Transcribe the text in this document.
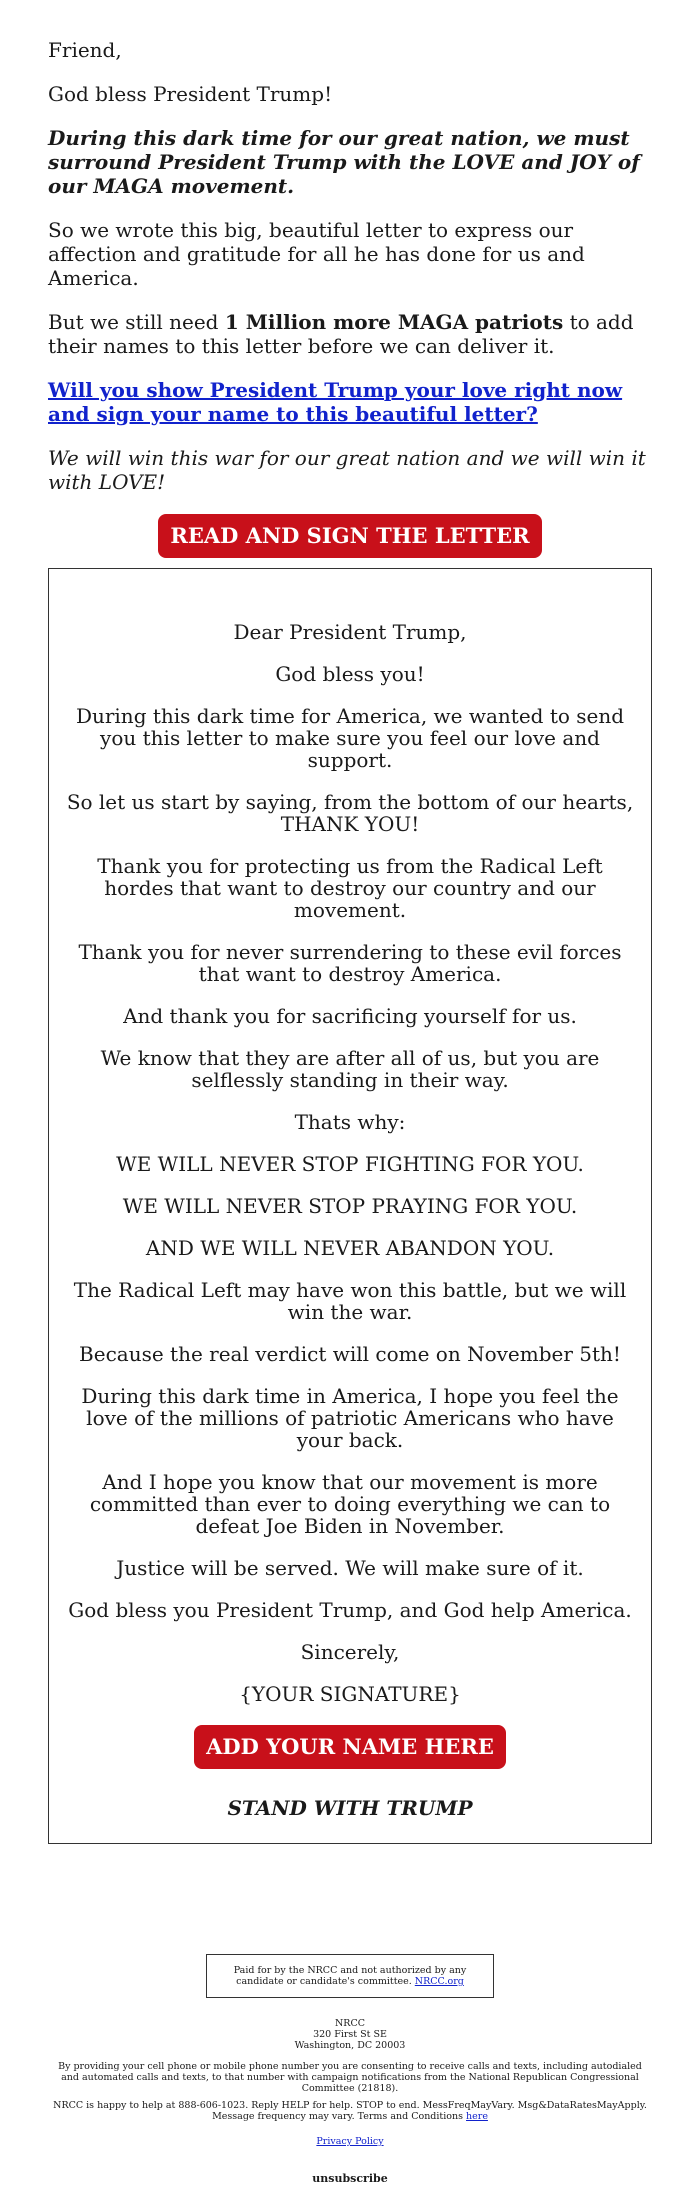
Friend,

God bless President Trump!

During this dark time for our great nation, we must surround President Trump with the LOVE and JOY of our MAGA movement.

So we wrote this big, beautiful letter to express our affection and gratitude for all he has done for us and America.

But we still need 1 Million more MAGA patriots to add their names to this letter before we can deliver it.

Will you show President Trump your love right now and sign your name to this beautiful letter?

We will win this war for our great nation and we will win it with LOVE!

READ AND SIGN THE LETTER

Dear President Trump,

God bless you!

During this dark time for America, we wanted to send you this letter to make sure you feel our love and support.

So let us start by saying, from the bottom of our hearts, THANK YOU!

Thank you for protecting us from the Radical Left hordes that want to destroy our country and our movement.

Thank you for never surrendering to these evil forces that want to destroy America.

And thank you for sacrificing yourself for us.

We know that they are after all of us, but you are selflessly standing in their way.

Thats why:

WE WILL NEVER STOP FIGHTING FOR YOU.

WE WILL NEVER STOP PRAYING FOR YOU.

AND WE WILL NEVER ABANDON YOU.

The Radical Left may have won this battle, but we will win the war.

Because the real verdict will come on November 5th!

During this dark time in America, I hope you feel the love of the millions of patriotic Americans who have your back.

And I hope you know that our movement is more committed than ever to doing everything we can to defeat Joe Biden in November.

Justice will be served. We will make sure of it.

God bless you President Trump, and God help America.

Sincerely,

{YOUR SIGNATURE}

ADD YOUR NAME HERE

STAND WITH TRUMP

Paid for by the NRCC and not authorized by any candidate or candidate's committee. NRCC.org
NRCC
320 First St SE
Washington, DC 20003
By providing your cell phone or mobile phone number you are consenting to receive calls and texts, including autodialed and automated calls and texts, to that number with campaign notifications from the National Republican Congressional Committee (21818).
NRCC is happy to help at 888-606-1023. Reply HELP for help. STOP to end. MessFreqMayVary. Msg&DataRatesMayApply. Message frequency may vary. Terms and Conditions here
Privacy Policy
unsubscribe
